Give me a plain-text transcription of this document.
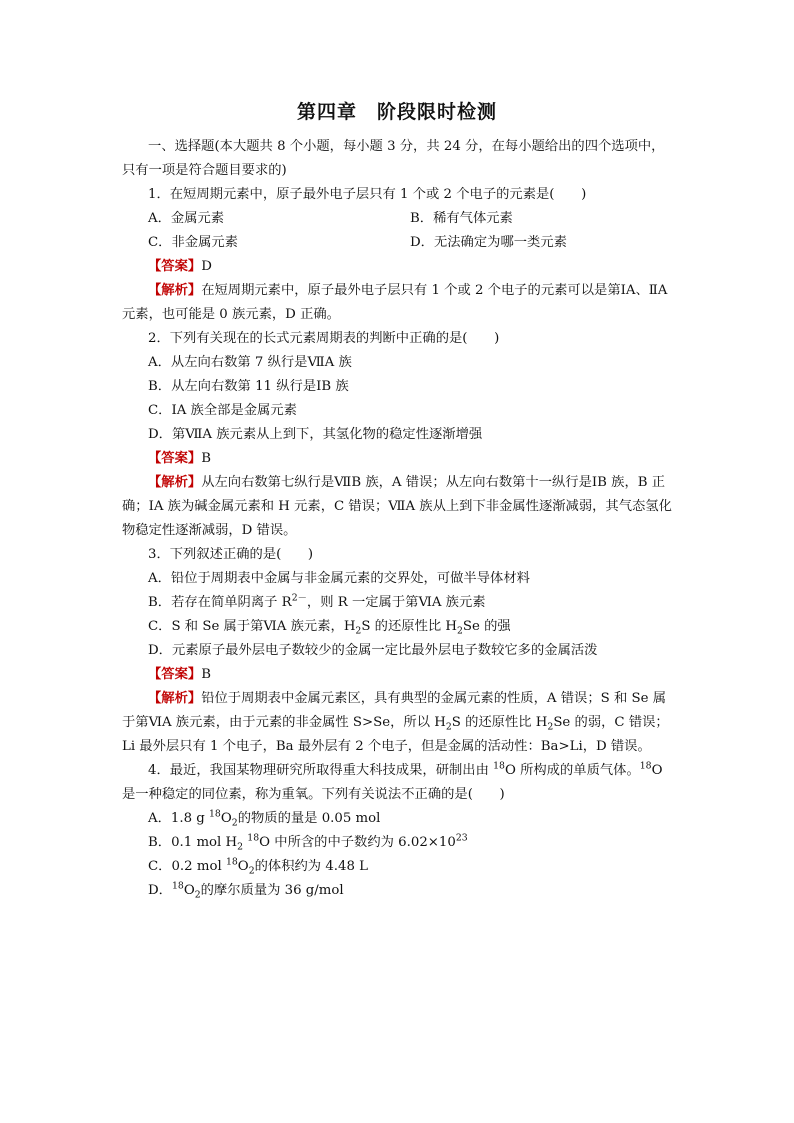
第四章　阶段限时检测

一、选择题(本大题共 8 个小题，每小题 3 分，共 24 分，在每小题给出的四个选项中，只有一项是符合题目要求的)

1．在短周期元素中，原子最外电子层只有 1 个或 2 个电子的元素是(　　)

A．金属元素	B．稀有气体元素
C．非金属元素	D．无法确定为哪一类元素

【答案】D

【解析】在短周期元素中，原子最外电子层只有 1 个或 2 个电子的元素可以是第ⅠA、ⅡA 元素，也可能是 0 族元素，D 正确。

2．下列有关现在的长式元素周期表的判断中正确的是(　　)

A．从左向右数第 7 纵行是ⅦA 族

B．从左向右数第 11 纵行是ⅠB 族

C．ⅠA 族全部是金属元素

D．第ⅦA 族元素从上到下，其氢化物的稳定性逐渐增强

【答案】B

【解析】从左向右数第七纵行是ⅦB 族，A 错误；从左向右数第十一纵行是ⅠB 族，B 正确；ⅠA 族为碱金属元素和 H 元素，C 错误；ⅦA 族从上到下非金属性逐渐减弱，其气态氢化物稳定性逐渐减弱，D 错误。

3．下列叙述正确的是(　　)

A．铅位于周期表中金属与非金属元素的交界处，可做半导体材料

B．若存在简单阴离子 $R^{2-}$，则 R 一定属于第ⅥA 族元素

C．S 和 Se 属于第ⅥA 族元素，$H_2S$ 的还原性比 $H_2Se$ 的强

D．元素原子最外层电子数较少的金属一定比最外层电子数较它多的金属活泼

【答案】B

【解析】铅位于周期表中金属元素区，具有典型的金属元素的性质，A 错误；S 和 Se 属于第ⅥA 族元素，由于元素的非金属性 S>Se，所以 $H_2S$ 的还原性比 $H_2Se$ 的弱，C 错误；Li 最外层只有 1 个电子，Ba 最外层有 2 个电子，但是金属的活动性：Ba>Li，D 错误。

4．最近，我国某物理研究所取得重大科技成果，研制出由 $^{18}$O 所构成的单质气体。$^{18}$O 是一种稳定的同位素，称为重氧。下列有关说法不正确的是(　　)

A．1.8 g $^{18}O_2$的物质的量是 0.05 mol

B．0.1 mol $H_2$ $^{18}$O 中所含的中子数约为 $6.02\times 10^{23}$

C．0.2 mol $^{18}O_2$的体积约为 4.48 L

D．$^{18}O_2$的摩尔质量为 36 g/mol
